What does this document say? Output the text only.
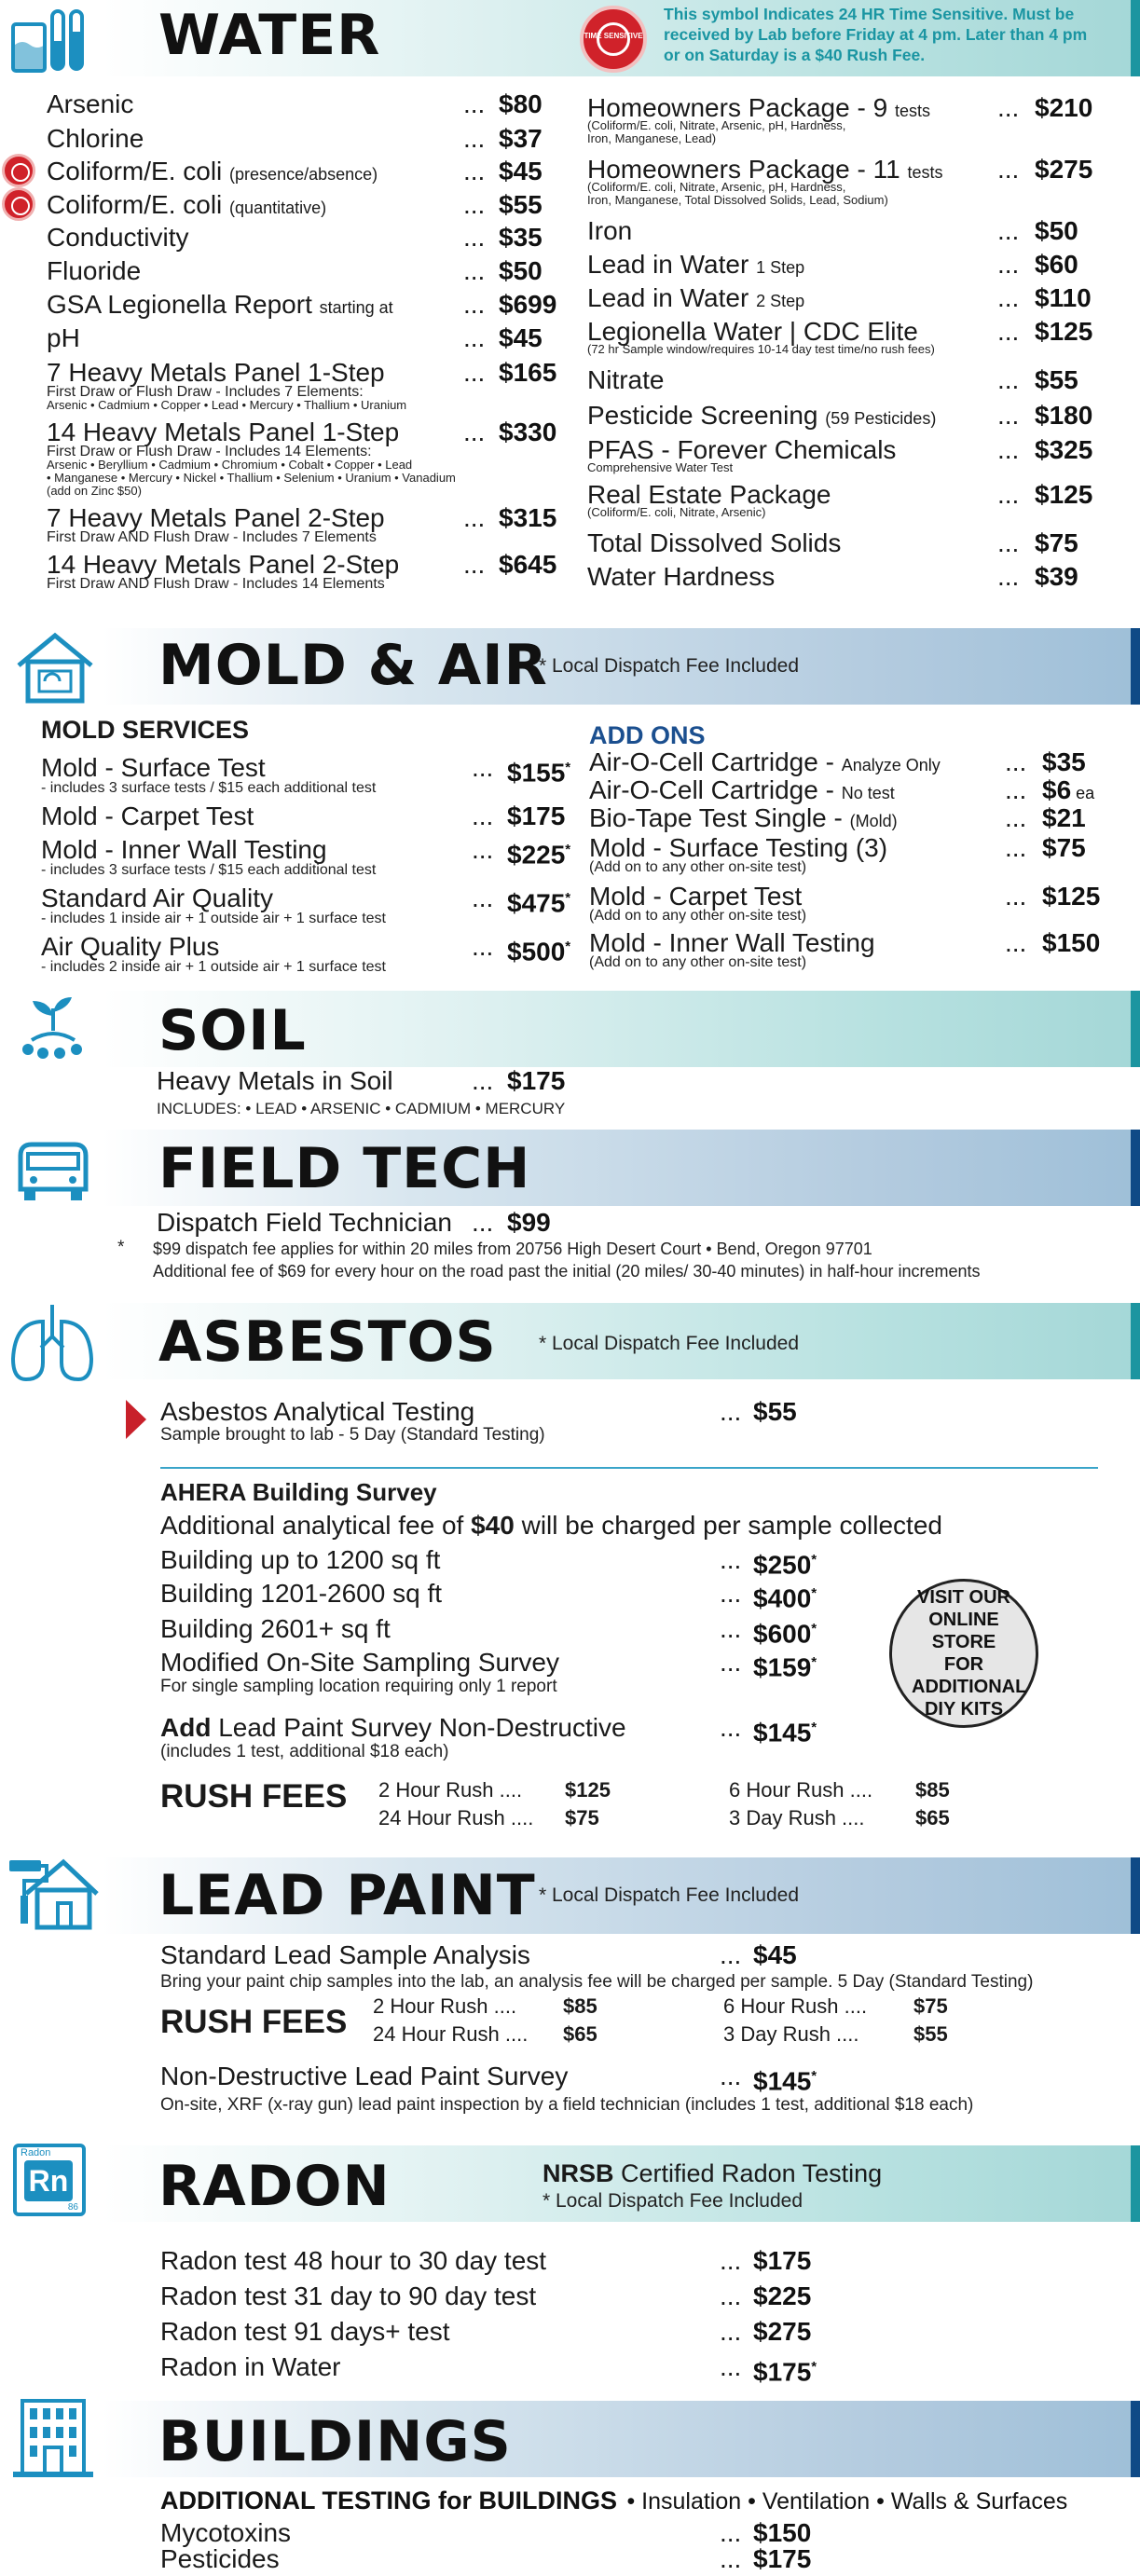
WATER	TIME SENSITIVE
This symbol Indicates 24 HR Time Sensitive. Must be received by Lab before Friday at 4 pm. Later than 4 pm or on Saturday is a $40 Rush Fee.
Arsenic	... $80
Chlorine	... $37
Coliform/E. coli (presence/absence)	... $45
Coliform/E. coli (quantitative)	... $55
Conductivity	... $35
Fluoride	... $50
GSA Legionella Report starting at	... $699
pH	... $45
7 Heavy Metals Panel 1-Step	... $165
First Draw or Flush Draw - Includes 7 Elements:
Arsenic • Cadmium • Copper • Lead • Mercury • Thallium • Uranium
14 Heavy Metals Panel 1-Step ... $330
First Draw or Flush Draw - Includes 14 Elements:
Arsenic • Beryllium • Cadmium • Chromium • Cobalt • Copper • Lead
• Manganese • Mercury • Nickel • Thallium • Selenium • Uranium • Vanadium
(add on Zinc $50)
7 Heavy Metals Panel 2-Step	... $315
First Draw AND Flush Draw - Includes 7 Elements
14 Heavy Metals Panel 2-Step ... $645
First Draw AND Flush Draw - Includes 14 Elements
Homeowners Package - 9 tests	... $210
(Coliform/E. coli, Nitrate, Arsenic, pH, Hardness,
Iron, Manganese, Lead)
Homeowners Package - 11 tests ... $275
(Coliform/E. coli, Nitrate, Arsenic, pH, Hardness,
Iron, Manganese, Total Dissolved Solids, Lead, Sodium)
Iron	... $50
Lead in Water 1 Step	... $60
Lead in Water 2 Step	... $110
Legionella Water | CDC Elite	... $125
(72 hr Sample window/requires 10-14 day test time/no rush fees)
Nitrate	... $55
Pesticide Screening (59 Pesticides) ... $180
PFAS - Forever Chemicals	... $325
Comprehensive Water Test
Real Estate Package	... $125
(Coliform/E. coli, Nitrate, Arsenic)
Total Dissolved Solids	... $75
Water Hardness	... $39
MOLD & AIR
* Local Dispatch Fee Included
MOLD SERVICES	ADD ONS
Mold - Surface Test	... $155*
- includes 3 surface tests / $15 each additional test
Mold - Carpet Test	... $175
Mold - Inner Wall Testing	... $225*
- includes 3 surface tests / $15 each additional test
Standard Air Quality	... $475*
- includes 1 inside air + 1 outside air + 1 surface test
Air Quality Plus	... $500*
- includes 2 inside air + 1 outside air + 1 surface test
Air-O-Cell Cartridge - Analyze Only ... $35
Air-O-Cell Cartridge - No test	... $6 ea
Bio-Tape Test Single - (Mold)	... $21
Mold - Surface Testing (3)	... $75
(Add on to any other on-site test)
Mold - Carpet Test	... $125
(Add on to any other on-site test)
Mold - Inner Wall Testing	... $150
(Add on to any other on-site test)
SOIL
Heavy Metals in Soil	... $175
INCLUDES: • LEAD • ARSENIC • CADMIUM • MERCURY
FIELD TECH
Dispatch Field Technician ... $99
* $99 dispatch fee applies for within 20 miles from 20756 High Desert Court • Bend, Oregon 97701
Additional fee of $69 for every hour on the road past the initial (20 miles/ 30-40 minutes) in half-hour increments
ASBESTOS * Local Dispatch Fee Included
Asbestos Analytical Testing	... $55
Sample brought to lab - 5 Day (Standard Testing)
AHERA Building Survey
Additional analytical fee of $40 will be charged per sample collected
Building up to 1200 sq ft	... $250*
Building 1201-2600 sq ft	... $400*
Building 2601+ sq ft	... $600*
Modified On-Site Sampling Survey	... $159*
For single sampling location requiring only 1 report
Add Lead Paint Survey Non-Destructive	... $145*
(includes 1 test, additional $18 each)
VISIT OUR ONLINE STORE FOR ADDITIONAL DIY KITS
RUSH FEES 2 Hour Rush .... $125
24 Hour Rush .... $75
6 Hour Rush .... $85
3 Day Rush .... $65
LEAD PAINT * Local Dispatch Fee Included
Standard Lead Sample Analysis	... $45
Bring your paint chip samples into the lab, an analysis fee will be charged per sample. 5 Day (Standard Testing)
RUSH FEES 2 Hour Rush .... $85
24 Hour Rush .... $65
6 Hour Rush .... $75
3 Day Rush ....	$55
Non-Destructive Lead Paint Survey	... $145*
On-site, XRF (x-ray gun) lead paint inspection by a field technician (includes 1 test, additional $18 each)
Radon
Rn
86 RADON	NRSB Certified Radon Testing
* Local Dispatch Fee Included
Radon test 48 hour to 30 day test	... $175
Radon test 31 day to 90 day test	... $225
Radon test 91 days+ test	... $275
Radon in Water	... $175*
BUILDINGS
ADDITIONAL TESTING for BUILDINGS • Insulation • Ventilation • Walls & Surfaces
Mycotoxins	... $150
Pesticides	... $175
